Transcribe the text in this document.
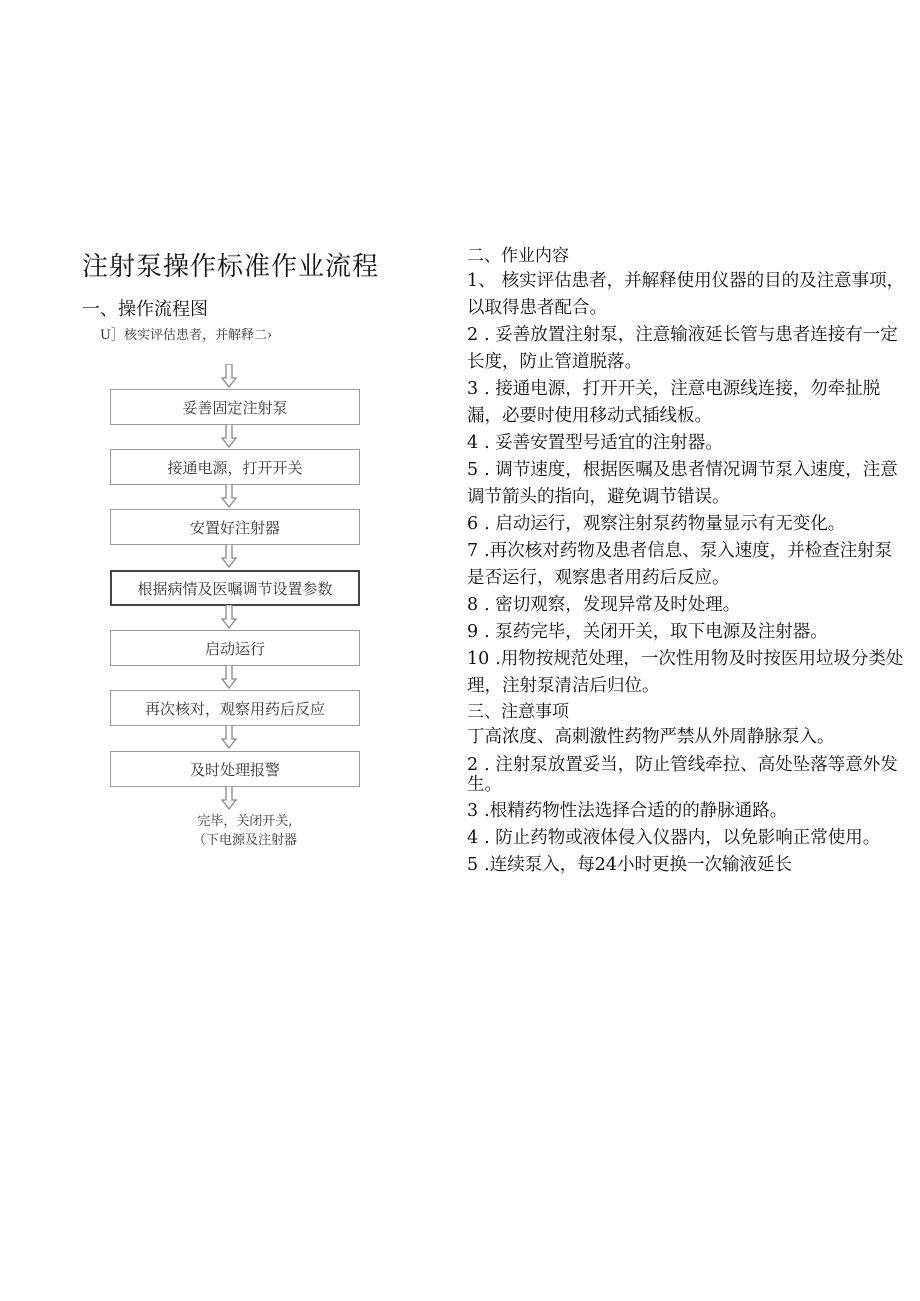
注射泵操作标准作业流程
一、操作流程图
U］核实评估患者，并解释二›
妥善固定注射泵
接通电源，打开开关
安置好注射器
根据病情及医嘱调节设置参数
启动运行
再次核对，观察用药后反应
及时处理报警
完毕，关闭开关,
（下电源及注射器
二、作业内容
1、 核实评估患者，并解释使用仪器的目的及注意事项，以取得患者配合。
2 . 妥善放置注射泵，注意输液延长管与患者连接有一定长度，防止管道脱落。
3 . 接通电源，打开开关，注意电源线连接，勿牵扯脱漏，必要时使用移动式插线板。
4 . 妥善安置型号适宜的注射器。
5 . 调节速度，根据医嘱及患者情况调节泵入速度，注意调节箭头的指向，避免调节错误。
6 . 启动运行，观察注射泵药物量显示有无变化。
7 .再次核对药物及患者信息、泵入速度，并检查注射泵是否运行，观察患者用药后反应。
8 . 密切观察，发现异常及时处理。
9 . 泵药完毕，关闭开关，取下电源及注射器。
10 .用物按规范处理，一次性用物及时按医用垃圾分类处理，注射泵清洁后归位。
三、注意事项
丁高浓度、高刺激性药物严禁从外周静脉泵入。
2 . 注射泵放置妥当，防止管线牵拉、高处坠落等意外发生。
3 .根精药物性法选择合适的的静脉通路。
4 . 防止药物或液体侵入仪器内，以免影响正常使用。
5 .连续泵入，每24小时更换一次输液延长
